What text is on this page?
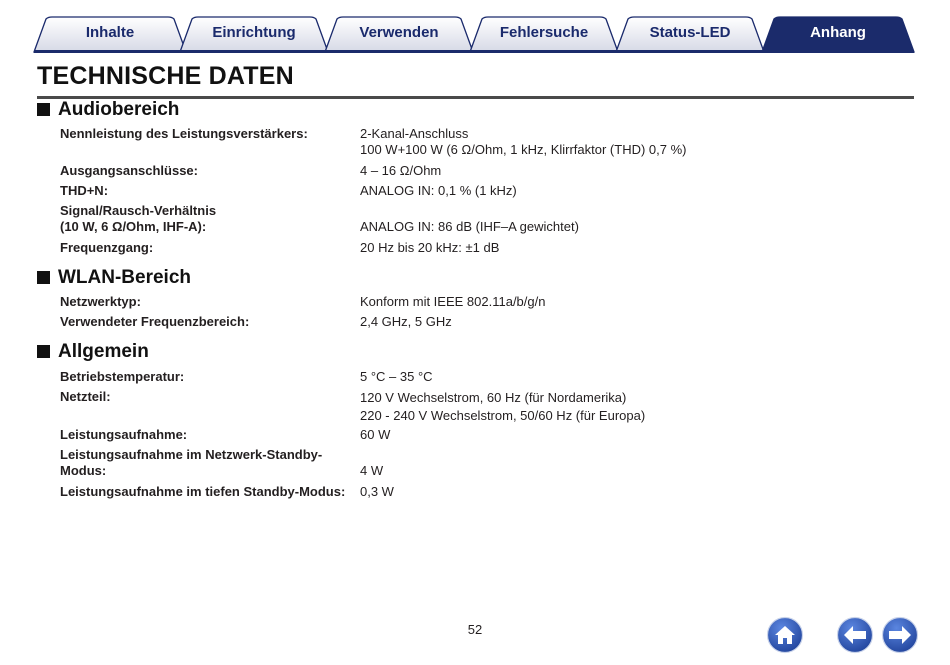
Inhalte	Einrichtung	Verwenden	Fehlersuche	Status-LED	Anhang
TECHNISCHE DATEN
Audiobereich
Nennleistung des Leistungsverstärkers:	2-Kanal-Anschluss
100 W+100 W (6 Ω/Ohm, 1 kHz, Klirrfaktor (THD) 0,7 %)
Ausgangsanschlüsse:	4 – 16 Ω/Ohm
THD+N:	ANALOG IN: 0,1 % (1 kHz)
Signal/Rausch-Verhältnis
(10 W, 6 Ω/Ohm, IHF-A):	ANALOG IN: 86 dB (IHF–A gewichtet)
Frequenzgang:	20 Hz bis 20 kHz: ±1 dB
WLAN-Bereich
Netzwerktyp:	Konform mit IEEE 802.11a/b/g/n
Verwendeter Frequenzbereich:	2,4 GHz, 5 GHz
Allgemein
Betriebstemperatur:	5 °C – 35 °C
Netzteil:	120 V Wechselstrom, 60 Hz (für Nordamerika)
220 - 240 V Wechselstrom, 50/60 Hz (für Europa)
Leistungsaufnahme:	60 W
Leistungsaufnahme im Netzwerk-Standby-
Modus:	4 W
Leistungsaufnahme im tiefen Standby-Modus: 0,3 W
52
